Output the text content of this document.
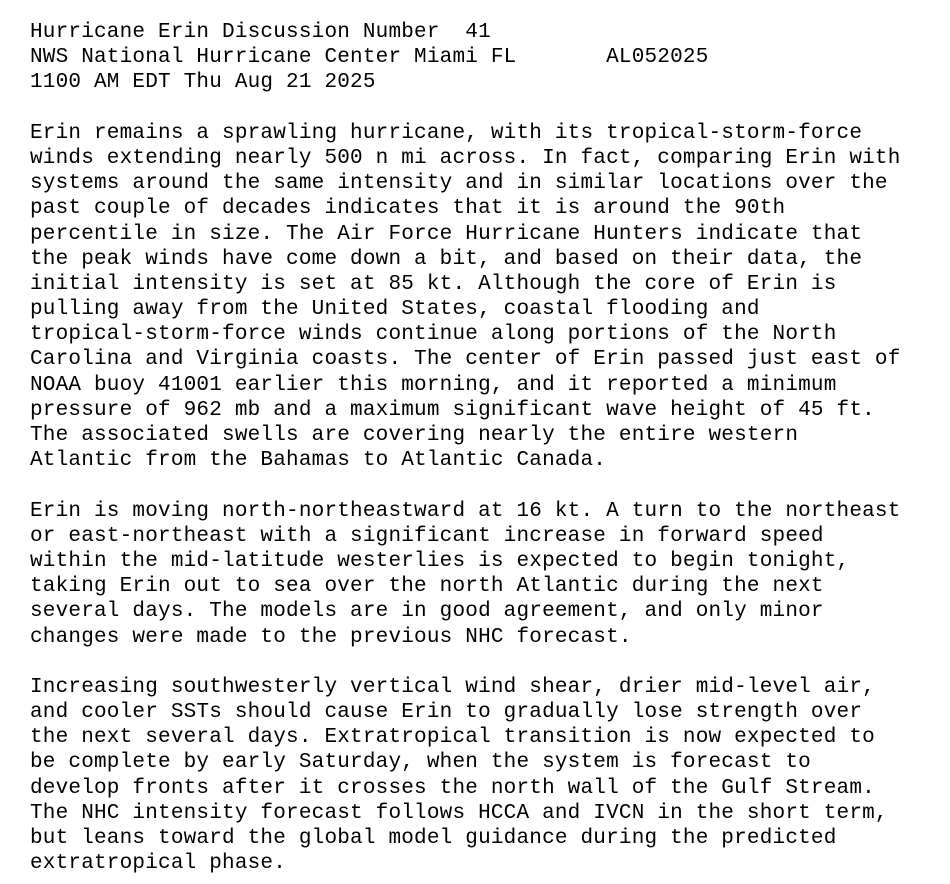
Hurricane Erin Discussion Number  41
NWS National Hurricane Center Miami FL       AL052025
1100 AM EDT Thu Aug 21 2025
Erin remains a sprawling hurricane, with its tropical-storm-force
winds extending nearly 500 n mi across. In fact, comparing Erin with
systems around the same intensity and in similar locations over the
past couple of decades indicates that it is around the 90th
percentile in size. The Air Force Hurricane Hunters indicate that
the peak winds have come down a bit, and based on their data, the
initial intensity is set at 85 kt. Although the core of Erin is
pulling away from the United States, coastal flooding and
tropical-storm-force winds continue along portions of the North
Carolina and Virginia coasts. The center of Erin passed just east of
NOAA buoy 41001 earlier this morning, and it reported a minimum
pressure of 962 mb and a maximum significant wave height of 45 ft.
The associated swells are covering nearly the entire western
Atlantic from the Bahamas to Atlantic Canada.
Erin is moving north-northeastward at 16 kt. A turn to the northeast
or east-northeast with a significant increase in forward speed
within the mid-latitude westerlies is expected to begin tonight,
taking Erin out to sea over the north Atlantic during the next
several days. The models are in good agreement, and only minor
changes were made to the previous NHC forecast.
Increasing southwesterly vertical wind shear, drier mid-level air,
and cooler SSTs should cause Erin to gradually lose strength over
the next several days. Extratropical transition is now expected to
be complete by early Saturday, when the system is forecast to
develop fronts after it crosses the north wall of the Gulf Stream.
The NHC intensity forecast follows HCCA and IVCN in the short term,
but leans toward the global model guidance during the predicted
extratropical phase.
